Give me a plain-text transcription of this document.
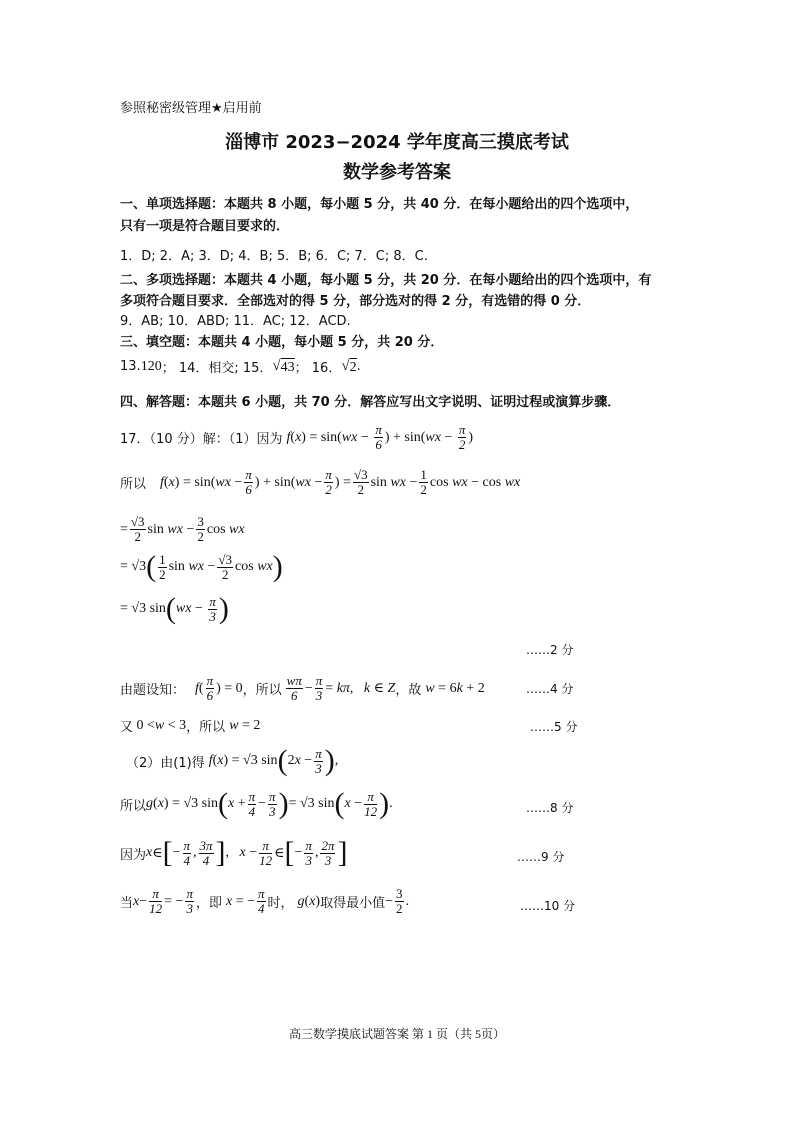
参照秘密级管理★启用前
淄博市 2023−2024 学年度高三摸底考试
数学参考答案
一、单项选择题：本题共 8 小题，每小题 5 分，共 40 分．在每小题给出的四个选项中，
只有一项是符合题目要求的．
1．D; 2．A; 3．D; 4．B; 5．B; 6．C; 7．C; 8．C.
二、多项选择题：本题共 4 小题，每小题 5 分，共 20 分．在每小题给出的四个选项中，有
多项符合题目要求．全部选对的得 5 分，部分选对的得 2 分，有选错的得 0 分．
9．AB; 10．ABD; 11．AC; 12．ACD.
三、填空题：本题共 4 小题，每小题 5 分，共 20 分．
13. 120 ； 14．相交; 15． √ 43 ； 16． √ 2 .
四、解答题：本题共 6 小题，共 70 分．解答应写出文字说明、证明过程或演算步骤．
17．（10 分）解：（1）因为 f ( x ) = sin( wx − $\frac{\pi}{6}$ ) + sin( wx − $\frac{\pi}{2}$ )
所以 f ( x ) = sin( wx − $\frac{\pi}{6}$ ) + sin( wx − $\frac{\pi}{2}$ ) = $\frac{√3}{2}$ sin wx − $\frac{1}{2}$ cos wx − cos wx
= $\frac{√3}{2}$ sin wx − $\frac{3}{2}$ cos wx
= √3 ( $\frac{1}{2}$ sin wx − $\frac{√3}{2}$ cos wx )
= √3 sin ( wx − $\frac{\pi}{3}$ )
……2 分
由题设知： f ( $\frac{\pi}{6}$ ) = 0 ，所以 $\frac{w\pi}{6} - \frac{\pi}{3} = k\pi$ , k ∈ Z ，故 w = 6 k + 2	……4 分
又 0 < w < 3 ，所以 w = 2	……5 分
（2）由(1)得 f ( x ) = √3 sin ( 2 $x - \frac{\pi}{3}$ ) ,
所以 g ( x ) = √3 sin ( $x + \frac{\pi}{4} - \frac{\pi}{3}$ ) = √3 sin ( $x - \frac{\pi}{12}$ ) .	……8 分
因为 x ∈ [ − $\frac{\pi}{4}$ , $\frac{3\pi}{4}$ ] , $x - \frac{\pi}{12}$ ∈ [ − $\frac{\pi}{3}$ , $\frac{2\pi}{3}$ ]	……9 分
当 $x - \frac{\pi}{12}$ = − $\frac{\pi}{3}$ ，即 x = − $\frac{\pi}{4}$ 时， g ( x ) 取得最小值 − $\frac{3}{2}$ .	……10 分
高三数学摸底试题答案 第 1 页（共 5页）
